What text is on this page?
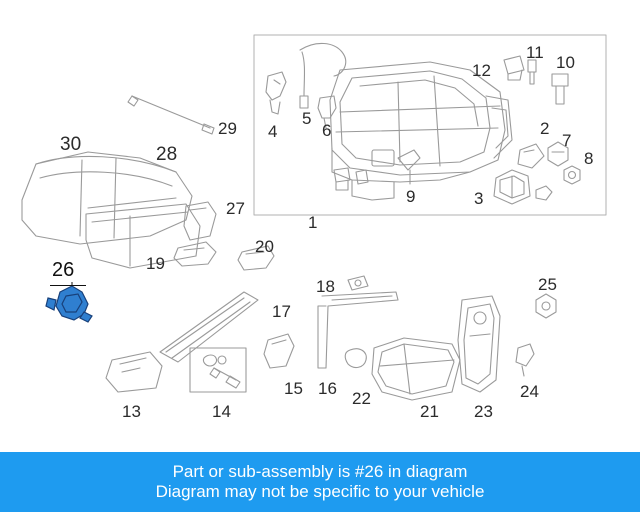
30	28
29
27
19
20
4
5
6
1
9
12
11
10
2
7
8
3
18	25
17
13	14
15 16
22
21 23
24
26
Part or sub-assembly is #26 in diagram
Diagram may not be specific to your vehicle
